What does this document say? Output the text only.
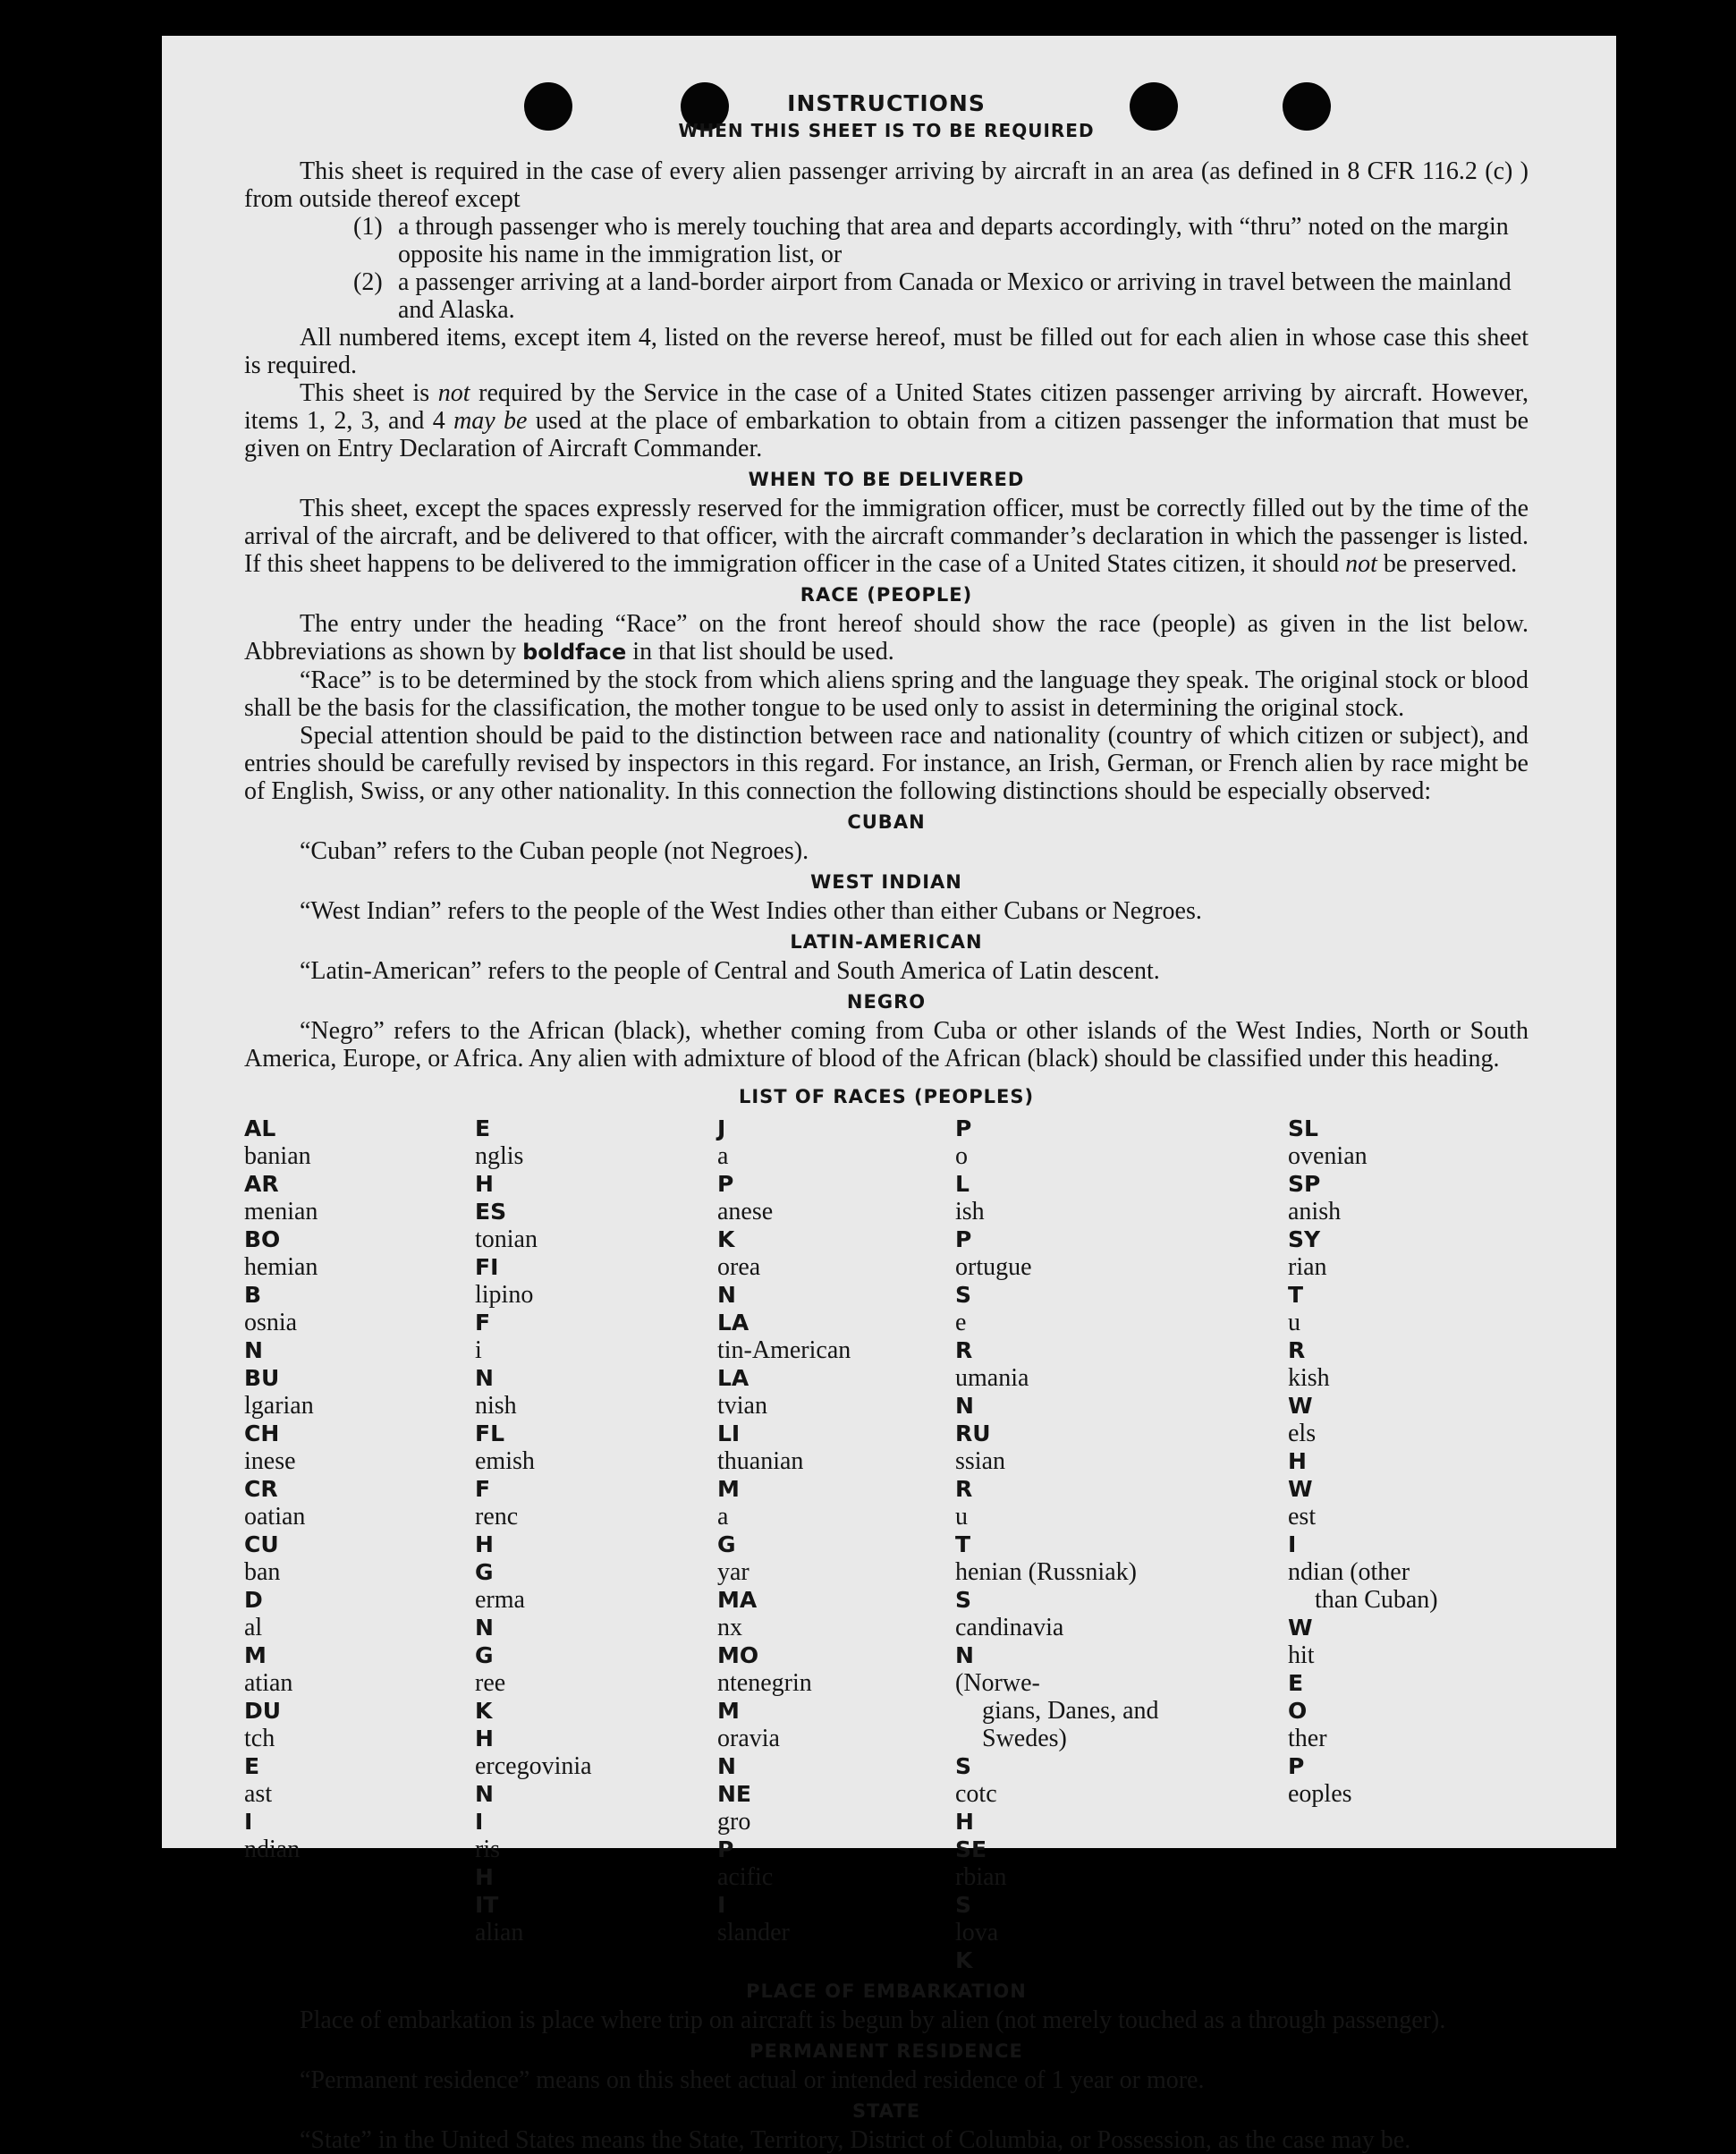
INSTRUCTIONS
WHEN THIS SHEET IS TO BE REQUIRED

This sheet is required in the case of every alien passenger arriving by aircraft in an area (as defined in 8 CFR 116.2 (c) ) from outside thereof except

(1) a through passenger who is merely touching that area and departs accordingly, with “thru” noted on the margin opposite his name in the immigration list, or
(2) a passenger arriving at a land-border airport from Canada or Mexico or arriving in travel between the mainland and Alaska.

All numbered items, except item 4, listed on the reverse hereof, must be filled out for each alien in whose case this sheet is required.

This sheet is not required by the Service in the case of a United States citizen passenger arriving by aircraft. However, items 1, 2, 3, and 4 may be used at the place of embarkation to obtain from a citizen passenger the information that must be given on Entry Declaration of Aircraft Commander.

WHEN TO BE DELIVERED

This sheet, except the spaces expressly reserved for the immigration officer, must be correctly filled out by the time of the arrival of the aircraft, and be delivered to that officer, with the aircraft commander’s declaration in which the passenger is listed. If this sheet happens to be delivered to the immigration officer in the case of a United States citizen, it should not be preserved.

RACE (PEOPLE)

The entry under the heading “Race” on the front hereof should show the race (people) as given in the list below. Abbreviations as shown by boldface in that list should be used.

“Race” is to be determined by the stock from which aliens spring and the language they speak. The original stock or blood shall be the basis for the classification, the mother tongue to be used only to assist in determining the original stock.

Special attention should be paid to the distinction between race and nationality (country of which citizen or subject), and entries should be carefully revised by inspectors in this regard. For instance, an Irish, German, or French alien by race might be of English, Swiss, or any other nationality. In this connection the following distinctions should be especially observed:

CUBAN

“Cuban” refers to the Cuban people (not Negroes).

WEST INDIAN

“West Indian” refers to the people of the West Indies other than either Cubans or Negroes.

LATIN-AMERICAN

“Latin-American” refers to the people of Central and South America of Latin descent.

NEGRO

“Negro” refers to the African (black), whether coming from Cuba or other islands of the West Indies, North or South America, Europe, or Africa. Any alien with admixture of blood of the African (black) should be classified under this heading.

LIST OF RACES (PEOPLES)
AL
banian
AR
menian
BO
hemian
B
osnia
N
BU
lgarian
CH
inese
CR
oatian
CU
ban
D
al
M
atian
DU
tch
E
ast
I
ndian
E
nglis
H
ES
tonian
FI
lipino
F
i
N
nish
FL
emish
F
renc
H
G
erma
N
G
ree
K
H
ercegovinia
N
I
ris
H
IT
alian
J
a
P
anese
K
orea
N
LA
tin-American
LA
tvian
LI
thuanian
M
a
G
yar
MA
nx
MO
ntenegrin
M
oravia
N
NE
gro
P
acific
I
slander
P
o
L
ish
P
ortugue
S
e
R
umania
N
RU
ssian
R
u
T
henian (Russniak)
S
candinavia
N
(Norwe-
gians, Danes, and
Swedes)
S
cotc
H
SE
rbian
S
lova
K
SL
ovenian
SP
anish
SY
rian
T
u
R
kish
W
els
H
W
est
I
ndian (other
than Cuban)
W
hit
E
O
ther
P
eoples
PLACE OF EMBARKATION

Place of embarkation is place where trip on aircraft is begun by alien (not merely touched as a through passenger).

PERMANENT RESIDENCE

“Permanent residence” means on this sheet actual or intended residence of 1 year or more.

STATE

“State” in the United States means the State, Territory, District of Columbia, or Possession, as the case may be.
